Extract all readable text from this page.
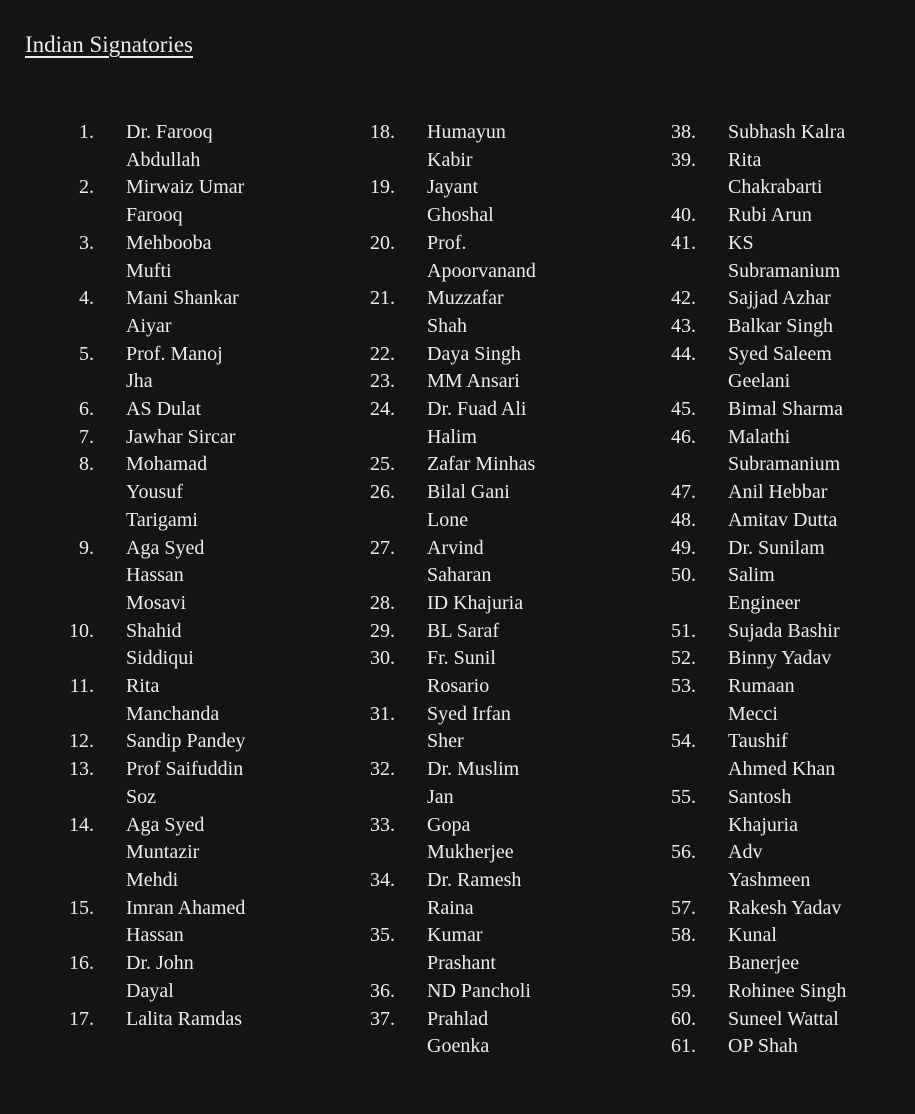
Indian Signatories
1.	Dr. Farooq
Abdullah
2.	Mirwaiz Umar
Farooq
3.	Mehbooba
Mufti
4.	Mani Shankar
Aiyar
5.	Prof. Manoj
Jha
6.	AS Dulat
7.	Jawhar Sircar
8.	Mohamad
Yousuf
Tarigami
9.	Aga Syed
Hassan
Mosavi
10.	Shahid
Siddiqui
11.	Rita
Manchanda
12.	Sandip Pandey
13.	Prof Saifuddin
Soz
14.	Aga Syed
Muntazir
Mehdi
15.	Imran Ahamed
Hassan
16.	Dr. John
Dayal
17.	Lalita Ramdas
18.	Humayun
Kabir
19.	Jayant
Ghoshal
20.	Prof.
Apoorvanand
21.	Muzzafar
Shah
22.	Daya Singh
23.	MM Ansari
24.	Dr. Fuad Ali
Halim
25.	Zafar Minhas
26.	Bilal Gani
Lone
27.	Arvind
Saharan
28.	ID Khajuria
29.	BL Saraf
30.	Fr. Sunil
Rosario
31.	Syed Irfan
Sher
32.	Dr. Muslim
Jan
33.	Gopa
Mukherjee
34.	Dr. Ramesh
Raina
35.	Kumar
Prashant
36.	ND Pancholi
37.	Prahlad
Goenka
38.	Subhash Kalra
39.	Rita
Chakrabarti
40.	Rubi Arun
41.	KS
Subramanium
42.	Sajjad Azhar
43.	Balkar Singh
44.	Syed Saleem
Geelani
45.	Bimal Sharma
46.	Malathi
Subramanium
47.	Anil Hebbar
48.	Amitav Dutta
49.	Dr. Sunilam
50.	Salim
Engineer
51.	Sujada Bashir
52.	Binny Yadav
53.	Rumaan
Mecci
54.	Taushif
Ahmed Khan
55.	Santosh
Khajuria
56.	Adv
Yashmeen
57.	Rakesh Yadav
58.	Kunal
Banerjee
59.	Rohinee Singh
60.	Suneel Wattal
61.	OP Shah
